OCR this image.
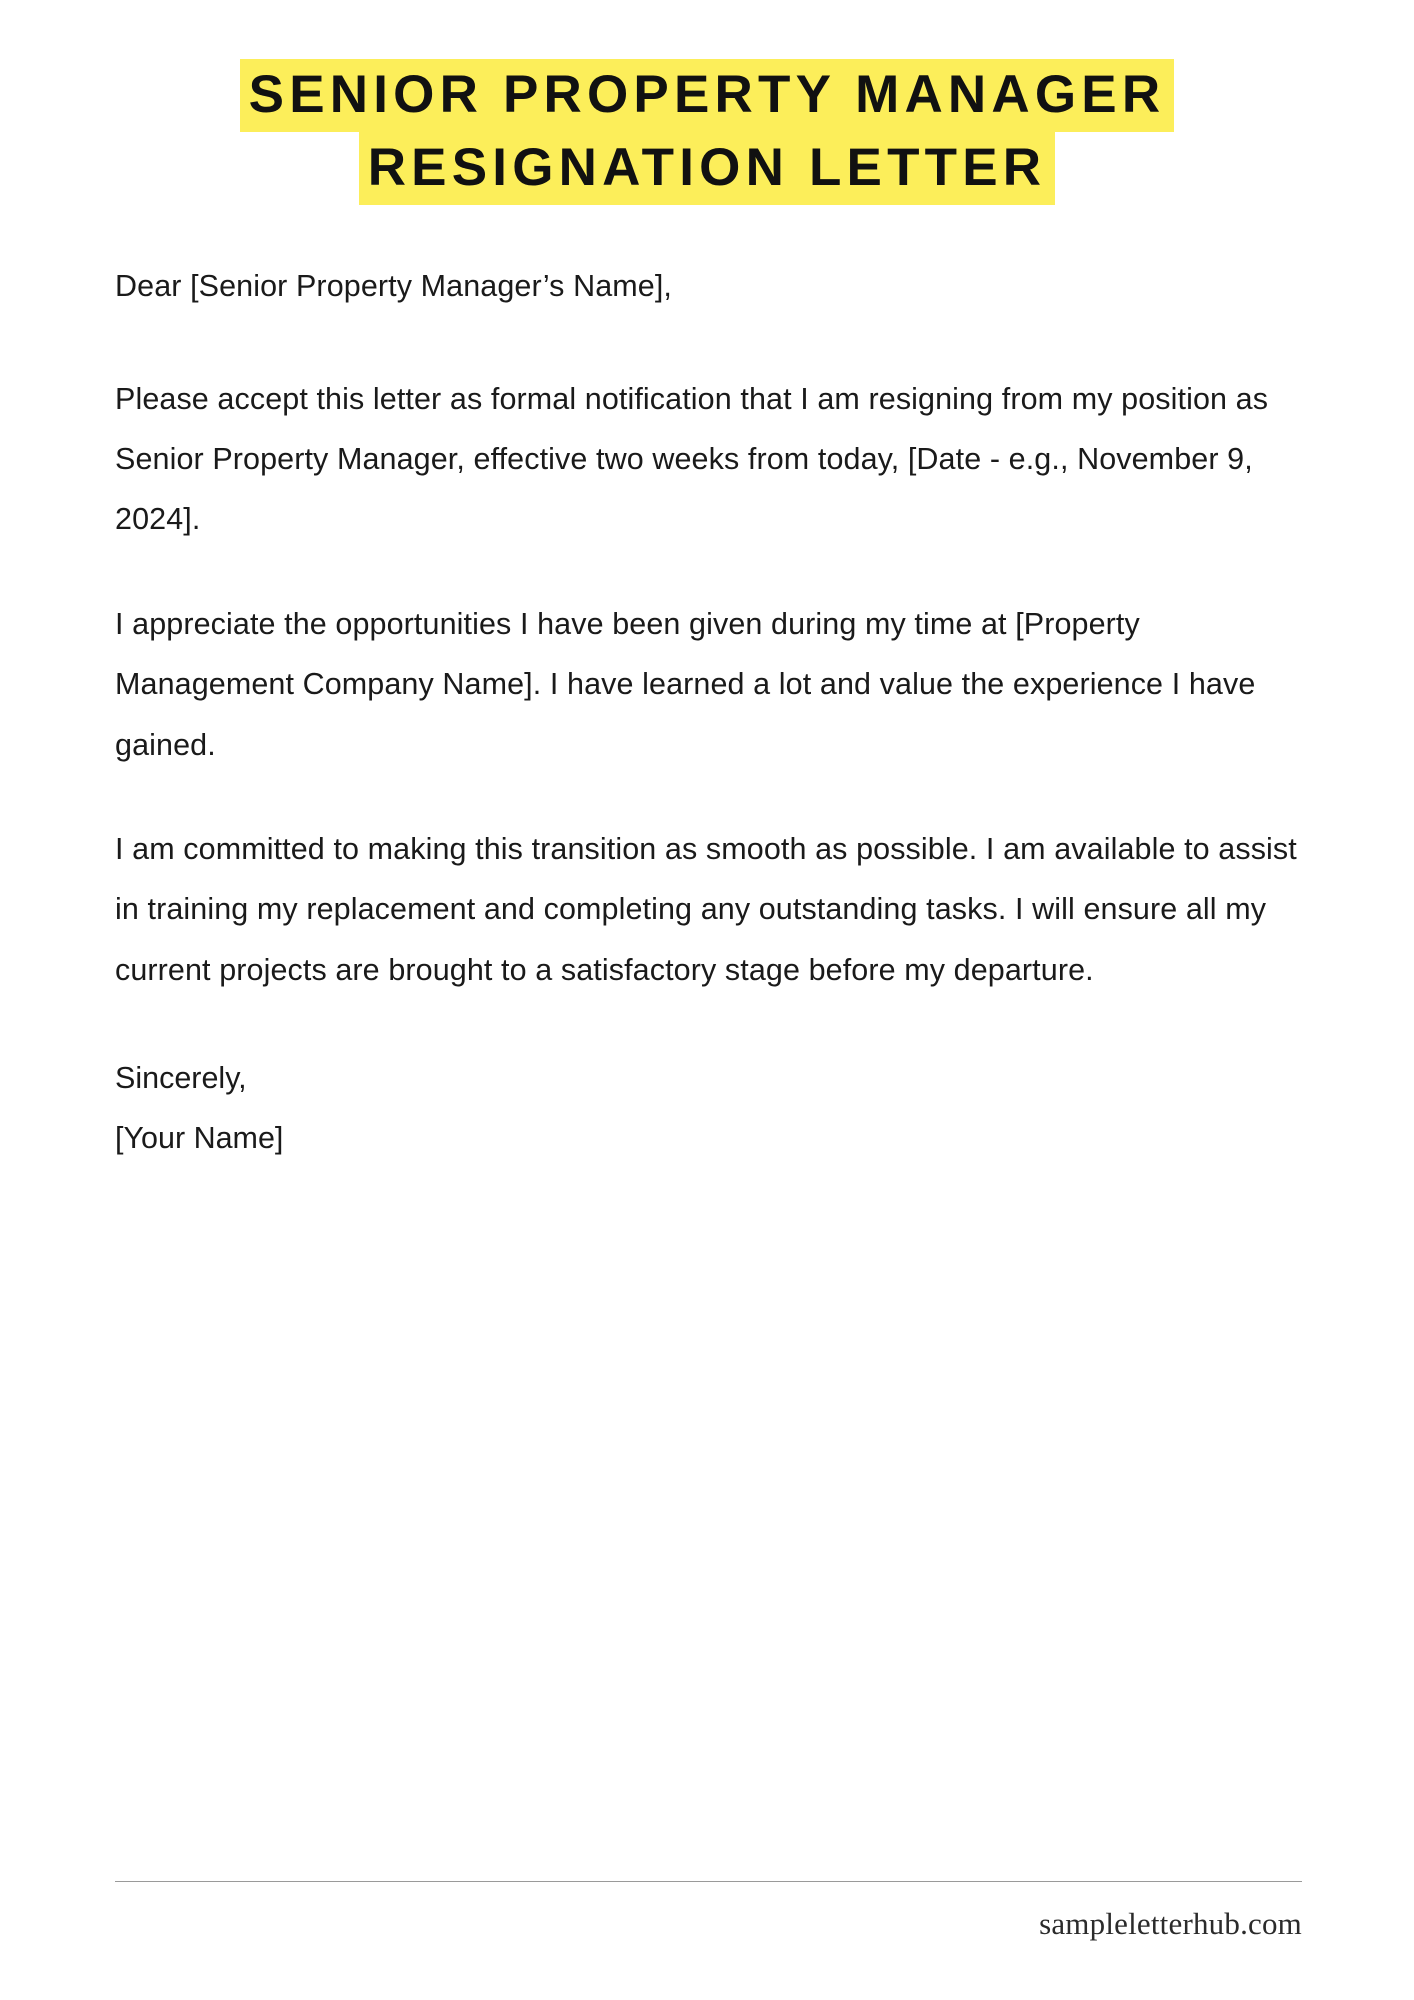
SENIOR PROPERTY MANAGER
RESIGNATION LETTER

Dear [Senior Property Manager’s Name],

Please accept this letter as formal notification that I am resigning from my position as Senior Property Manager, effective two weeks from today, [Date - e.g., November 9, 2024].

I appreciate the opportunities I have been given during my time at [Property Management Company Name]. I have learned a lot and value the experience I have gained.

I am committed to making this transition as smooth as possible. I am available to assist in training my replacement and completing any outstanding tasks. I will ensure all my current projects are brought to a satisfactory stage before my departure.

Sincerely,
[Your Name]
sampleletterhub.com
